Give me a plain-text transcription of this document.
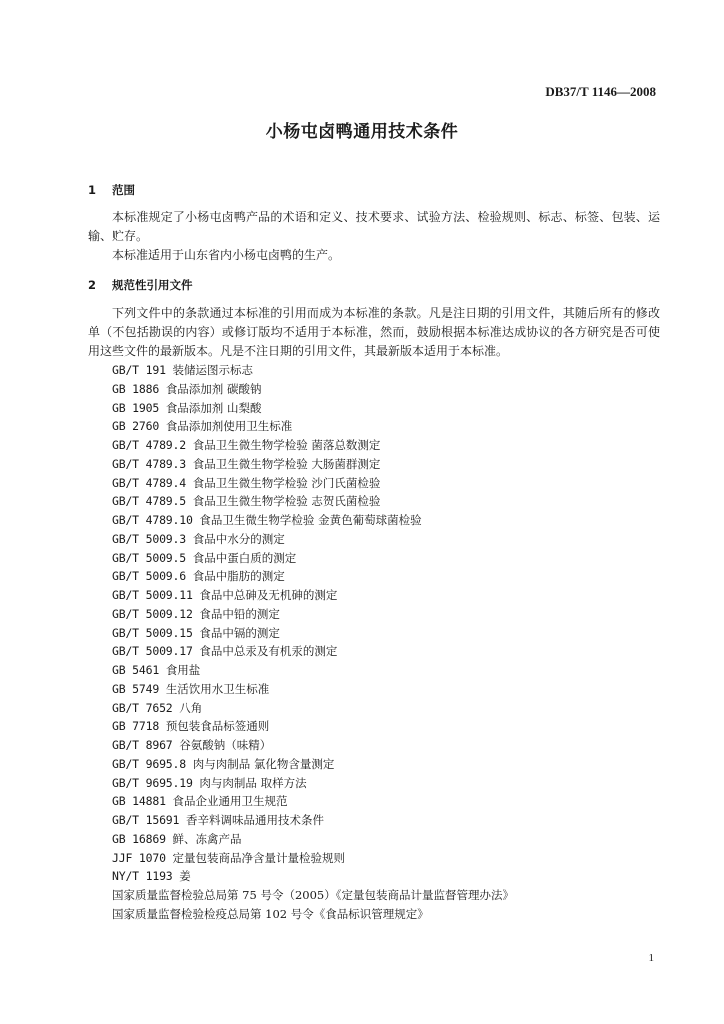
DB37/T 1146—2008
小杨屯卤鸭通用技术条件
1 范围
本标准规定了小杨屯卤鸭产品的术语和定义、技术要求、试验方法、检验规则、标志、标签、包装、运输、贮存。
本标准适用于山东省内小杨屯卤鸭的生产。
2 规范性引用文件
下列文件中的条款通过本标准的引用而成为本标准的条款。凡是注日期的引用文件，其随后所有的修改单（不包括勘误的内容）或修订版均不适用于本标准，然而，鼓励根据本标准达成协议的各方研究是否可使用这些文件的最新版本。凡是不注日期的引用文件，其最新版本适用于本标准。
GB/T 191  装储运图示标志
GB 1886  食品添加剂 碳酸钠
GB 1905  食品添加剂 山梨酸
GB 2760  食品添加剂使用卫生标准
GB/T 4789.2  食品卫生微生物学检验 菌落总数测定
GB/T 4789.3  食品卫生微生物学检验 大肠菌群测定
GB/T 4789.4  食品卫生微生物学检验 沙门氏菌检验
GB/T 4789.5  食品卫生微生物学检验 志贺氏菌检验
GB/T 4789.10  食品卫生微生物学检验 金黄色葡萄球菌检验
GB/T 5009.3  食品中水分的测定
GB/T 5009.5  食品中蛋白质的测定
GB/T 5009.6  食品中脂肪的测定
GB/T 5009.11  食品中总砷及无机砷的测定
GB/T 5009.12  食品中铅的测定
GB/T 5009.15  食品中镉的测定
GB/T 5009.17  食品中总汞及有机汞的测定
GB 5461  食用盐
GB 5749  生活饮用水卫生标准
GB/T 7652  八角
GB 7718  预包装食品标签通则
GB/T 8967  谷氨酸钠（味精）
GB/T 9695.8  肉与肉制品 氯化物含量测定
GB/T 9695.19  肉与肉制品 取样方法
GB 14881  食品企业通用卫生规范
GB/T 15691  香辛料调味品通用技术条件
GB 16869  鲜、冻禽产品
JJF 1070  定量包装商品净含量计量检验规则
NY/T 1193  姜
国家质量监督检验总局第 75 号令（2005）《定量包装商品计量监督管理办法》
国家质量监督检验检疫总局第 102 号令《食品标识管理规定》
1
